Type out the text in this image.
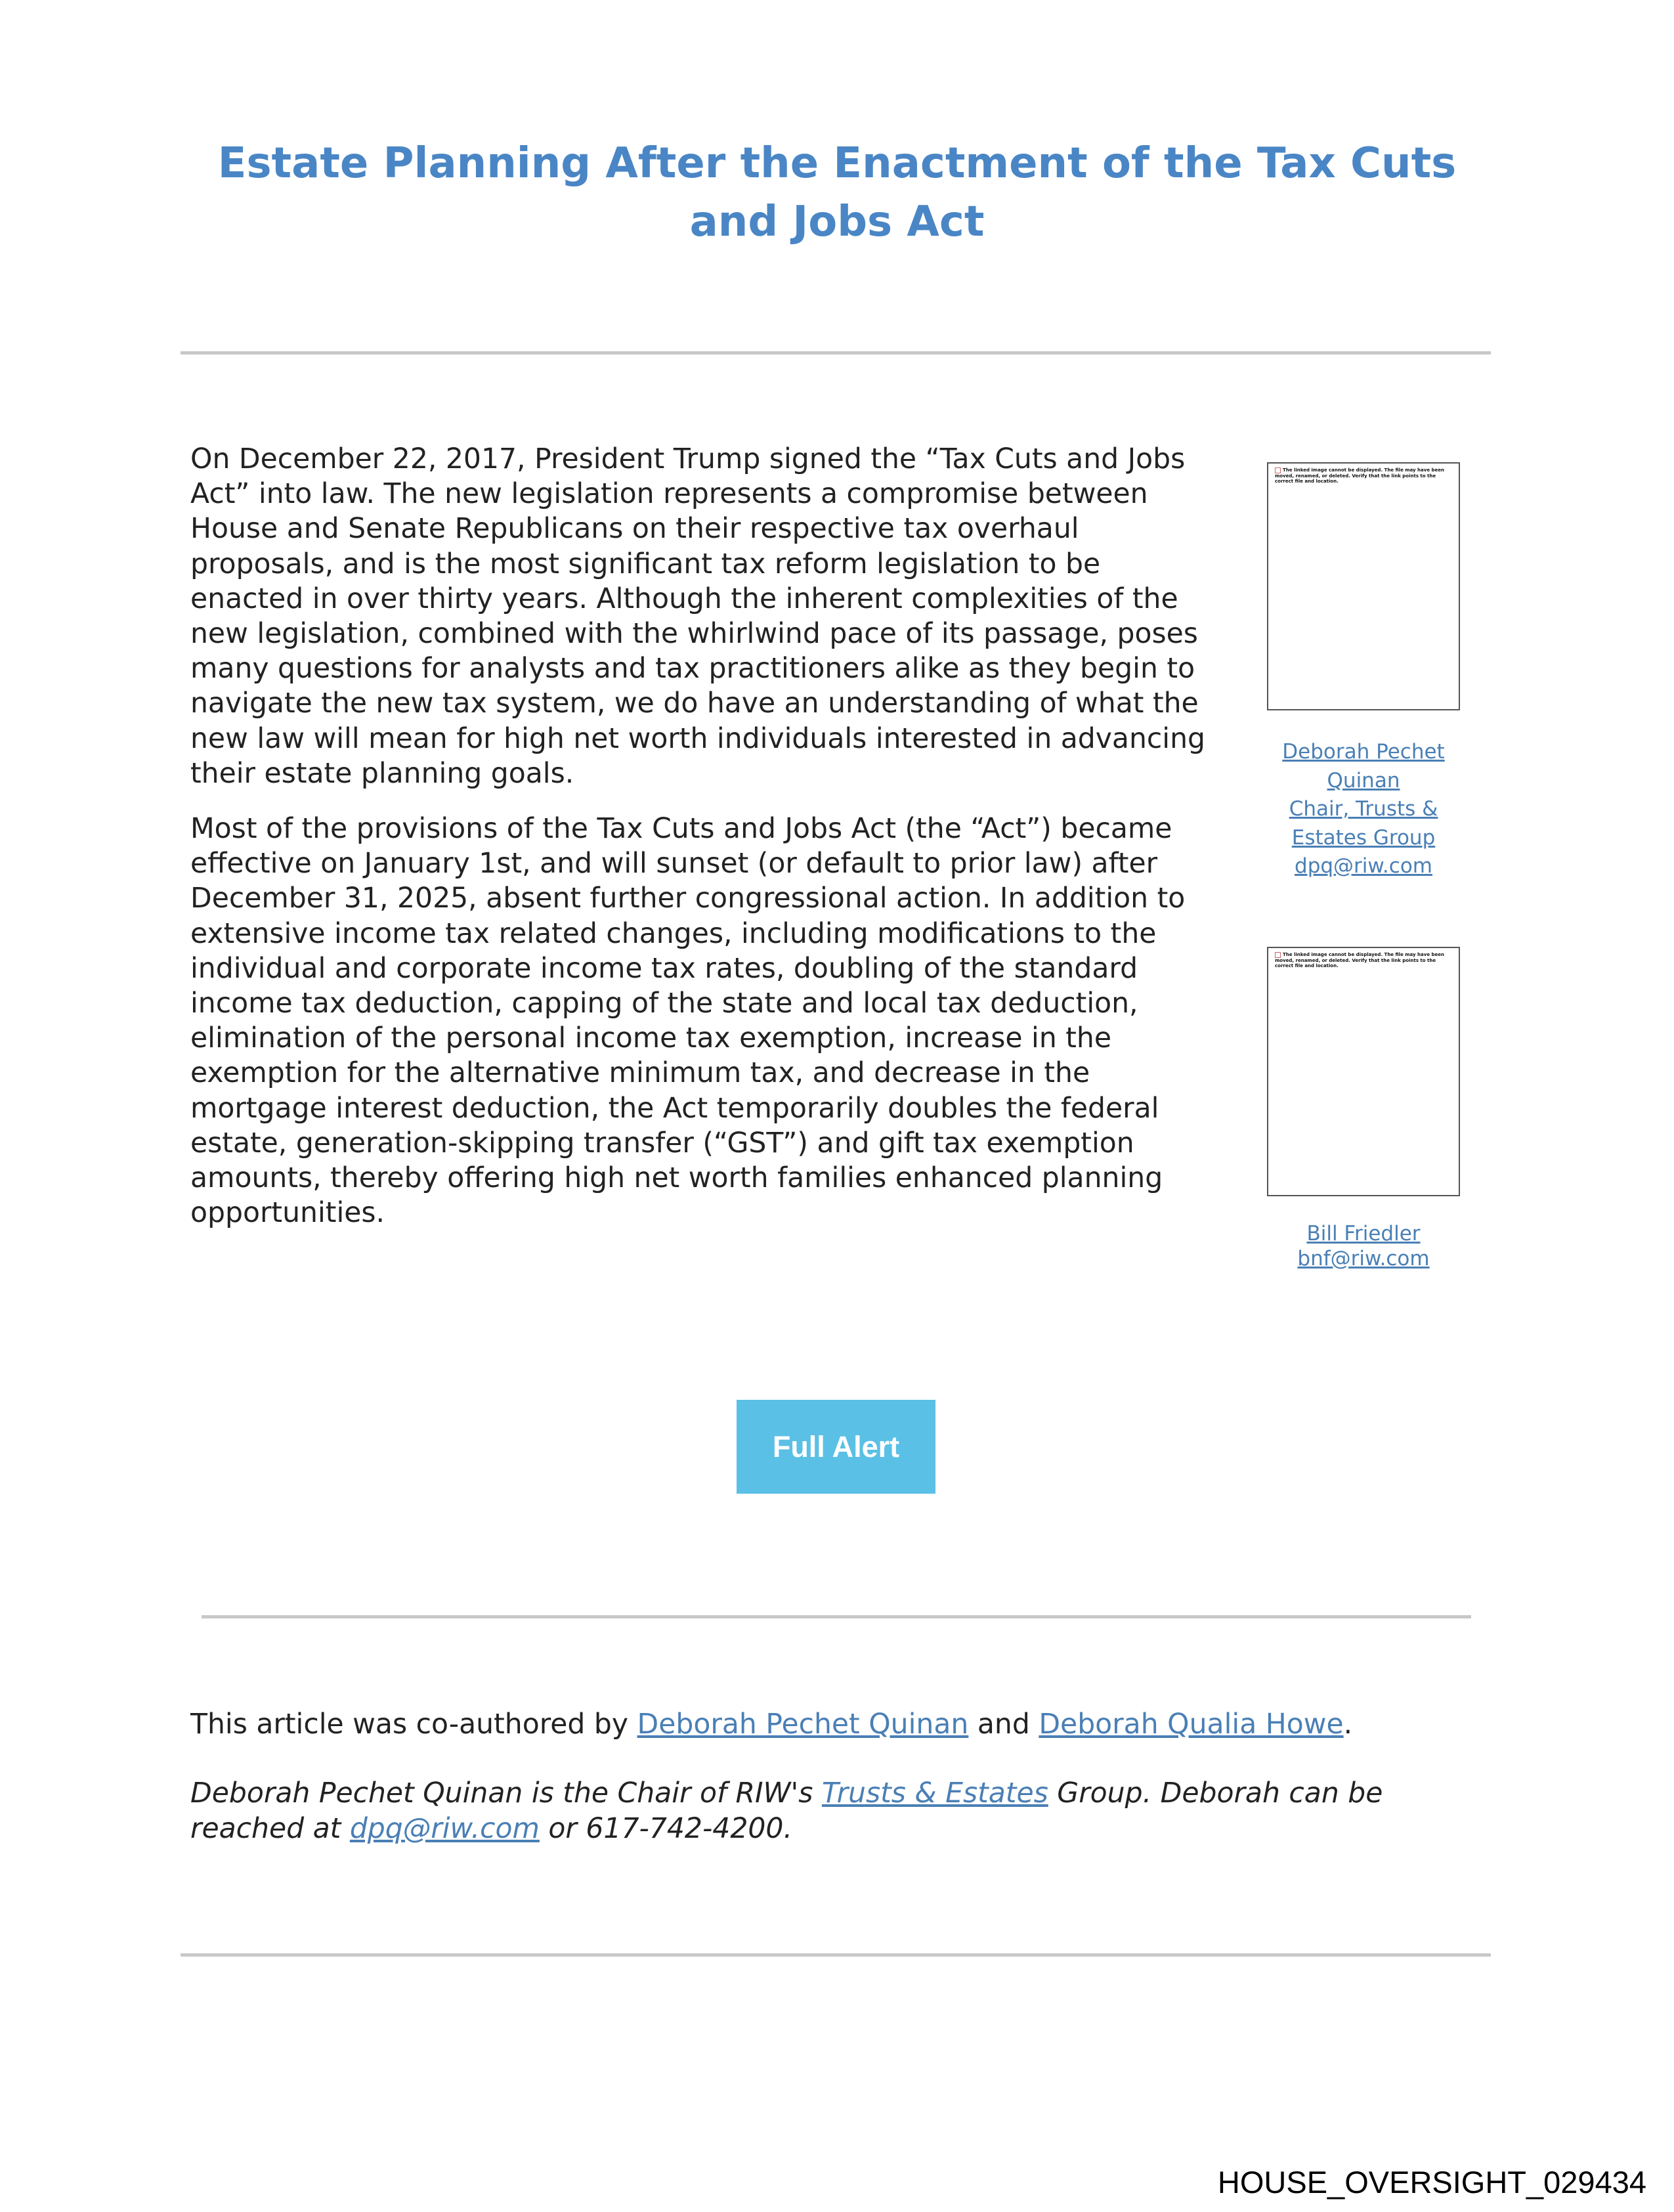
Estate Planning After the Enactment of the Tax Cuts
and Jobs Act
On December 22, 2017, President Trump signed the “Tax Cuts and Jobs
Act” into law. The new legislation represents a compromise between
House and Senate Republicans on their respective tax overhaul
proposals, and is the most significant tax reform legislation to be
enacted in over thirty years. Although the inherent complexities of the
new legislation, combined with the whirlwind pace of its passage, poses
many questions for analysts and tax practitioners alike as they begin to
navigate the new tax system, we do have an understanding of what the
new law will mean for high net worth individuals interested in advancing
their estate planning goals.
Most of the provisions of the Tax Cuts and Jobs Act (the “Act”) became
effective on January 1st, and will sunset (or default to prior law) after
December 31, 2025, absent further congressional action. In addition to
extensive income tax related changes, including modifications to the
individual and corporate income tax rates, doubling of the standard
income tax deduction, capping of the state and local tax deduction,
elimination of the personal income tax exemption, increase in the
exemption for the alternative minimum tax, and decrease in the
mortgage interest deduction, the Act temporarily doubles the federal
estate, generation-skipping transfer (“GST”) and gift tax exemption
amounts, thereby offering high net worth families enhanced planning
opportunities.
The linked image cannot be displayed. The file may have been moved, renamed, or deleted. Verify that the link points to the correct file and location.
Deborah Pechet
Quinan
Chair, Trusts &
Estates Group
dpq@riw.com
The linked image cannot be displayed. The file may have been moved, renamed, or deleted. Verify that the link points to the correct file and location.
Bill Friedler
bnf@riw.com
Full Alert
This article was co-authored by Deborah Pechet Quinan and Deborah Qualia Howe.
Deborah Pechet Quinan is the Chair of RIW's Trusts & Estates Group. Deborah can be
reached at dpq@riw.com or 617-742-4200.
HOUSE_OVERSIGHT_029434
